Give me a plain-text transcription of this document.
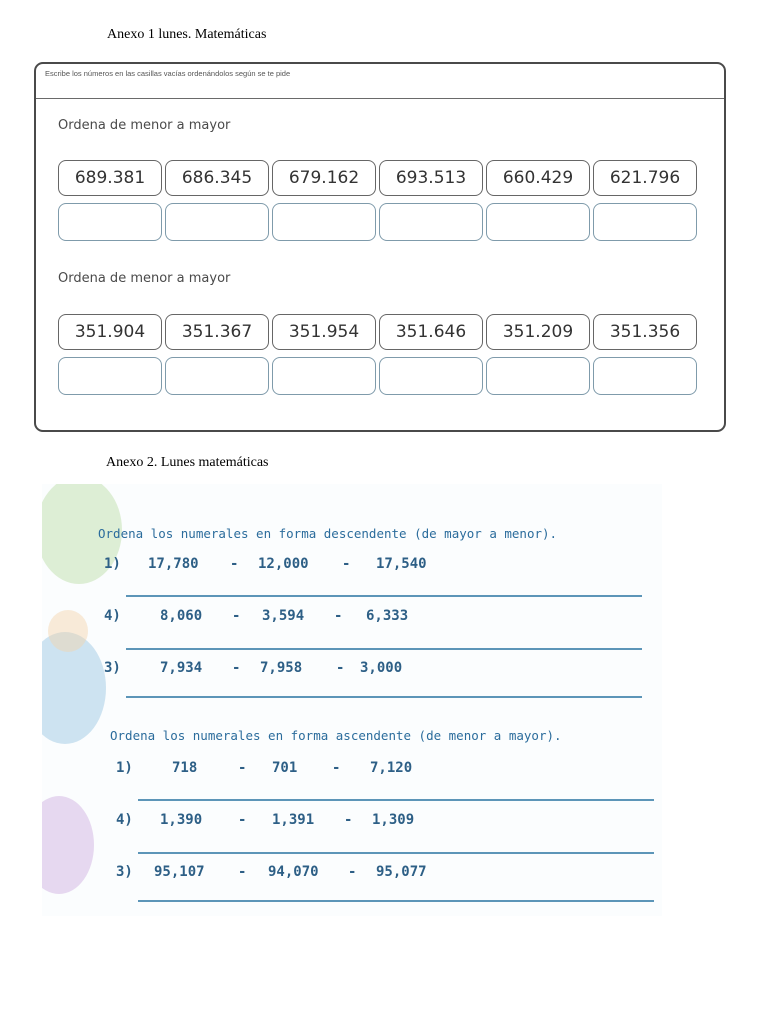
Anexo 1 lunes. Matemáticas
Escribe los números en las casillas vacías ordenándolos según se te pide
Ordena de menor a mayor
689.381	686.345	679.162	693.513	660.429	621.796
Ordena de menor a mayor
351.904	351.367	351.954	351.646	351.209	351.356
Anexo 2. Lunes matemáticas
Ordena los numerales en forma descendente (de mayor a menor).
1) 17,780 - 12,000 - 17,540
4)	8,060 - 3,594 - 6,333
3)	7,934 - 7,958 - 3,000
Ordena los numerales en forma ascendente (de menor a mayor).
1)	718	- 701 - 7,120
4) 1,390	- 1,391 - 1,309
3) 95,107 - 94,070 - 95,077
